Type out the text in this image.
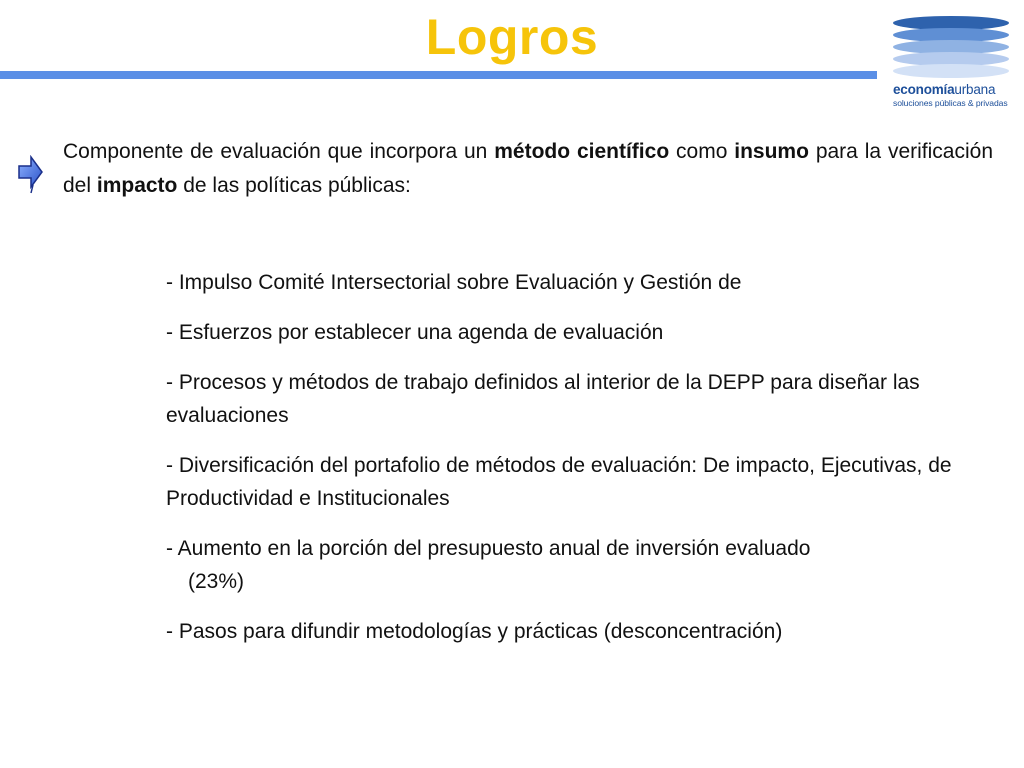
Logros
economíaurbana
soluciones públicas & privadas
Componente de evaluación que incorpora un método científico como insumo para la verificación del impacto de las políticas públicas:
- Impulso Comité Intersectorial sobre Evaluación y Gestión de
- Esfuerzos por establecer una agenda de evaluación
- Procesos y métodos de trabajo definidos al interior de la DEPP para diseñar las evaluaciones
- Diversificación del portafolio de métodos de evaluación: De impacto, Ejecutivas, de Productividad e Institucionales
- Aumento en la porción del presupuesto anual de inversión evaluado
(23%)
- Pasos para difundir metodologías y prácticas (desconcentración)
